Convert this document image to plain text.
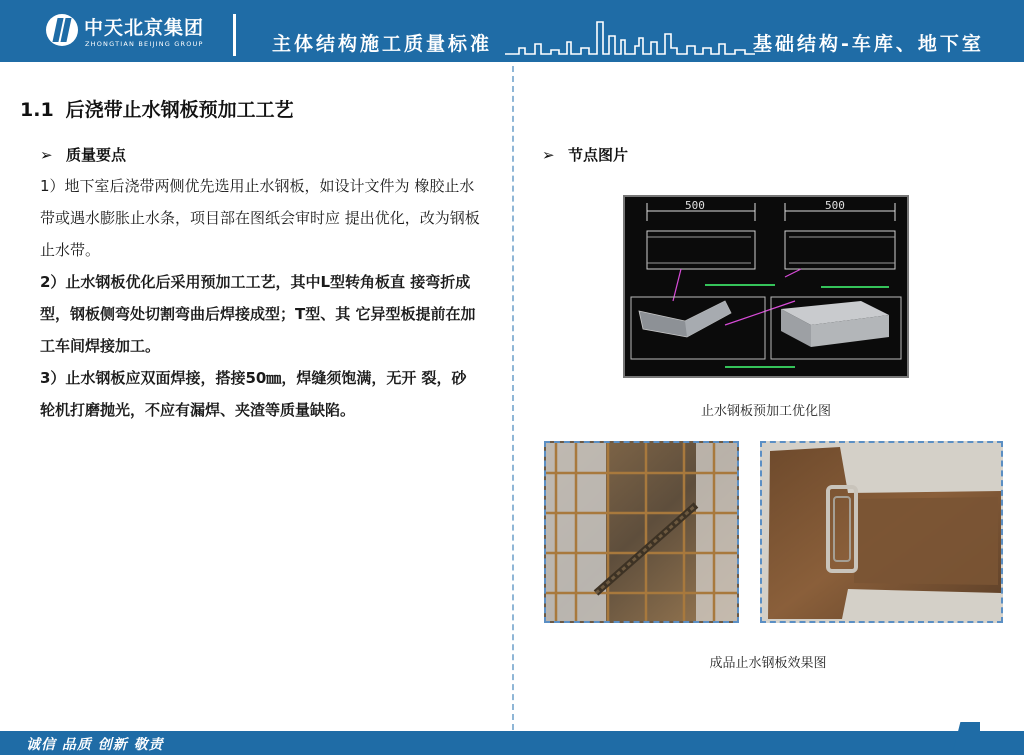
中天北京集团
ZHONGTIAN BEIJING GROUP	主体结构施工质量标准	基础结构-车库、地下室
1.1 后浇带止水钢板预加工工艺
➢ 质量要点
1）地下室后浇带两侧优先选用止水钢板，如设计文件为 橡胶止水带或遇水膨胀止水条，项目部在图纸会审时应 提出优化，改为钢板止水带。
2）止水钢板优化后采用预加工工艺，其中L型转角板直 接弯折成型，钢板侧弯处切割弯曲后焊接成型；T型、其 它异型板提前在加工车间焊接加工。
3）止水钢板应双面焊接，搭接50㎜，焊缝须饱满，无开 裂，砂轮机打磨抛光，不应有漏焊、夹渣等质量缺陷。
➢ 节点图片
500	500
止水钢板预加工优化图
成品止水钢板效果图
诚信 品质 创新 敬责
